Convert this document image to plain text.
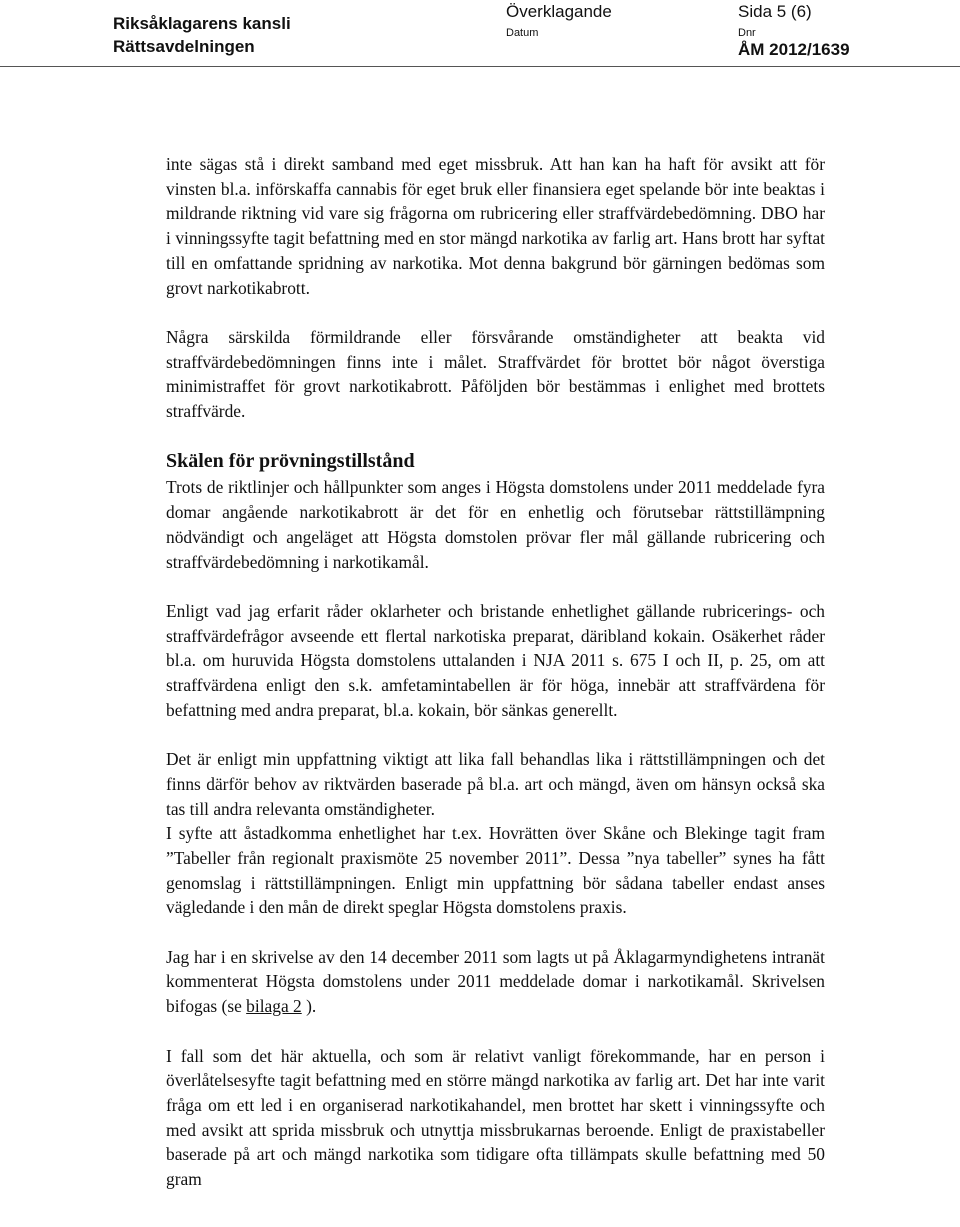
Riksåklagarens kansli
Rättsavdelningen
Överklagande	Sida 5 (6)
Datum	Dnr
ÅM 2012/1639

inte sägas stå i direkt samband med eget missbruk. Att han kan ha haft för avsikt att för vinsten bl.a. införskaffa cannabis för eget bruk eller finansiera eget spelande bör inte beaktas i mildrande riktning vid vare sig frågorna om rubricering eller straffvärdebedömning. DBO har i vinningssyfte tagit befattning med en stor mängd narkotika av farlig art. Hans brott har syftat till en omfattande spridning av narkotika. Mot denna bakgrund bör gärningen bedömas som grovt narkotikabrott.

Några särskilda förmildrande eller försvårande omständigheter att beakta vid straffvärdebedömningen finns inte i målet. Straffvärdet för brottet bör något överstiga minimistraffet för grovt narkotikabrott. Påföljden bör bestämmas i enlighet med brottets straffvärde.

Skälen för prövningstillstånd

Trots de riktlinjer och hållpunkter som anges i Högsta domstolens under 2011 meddelade fyra domar angående narkotikabrott är det för en enhetlig och förutsebar rättstillämpning nödvändigt och angeläget att Högsta domstolen prövar fler mål gällande rubricering och straffvärdebedömning i narkotikamål.

Enligt vad jag erfarit råder oklarheter och bristande enhetlighet gällande rubricerings- och straffvärdefrågor avseende ett flertal narkotiska preparat, däribland kokain. Osäkerhet råder bl.a. om huruvida Högsta domstolens uttalanden i NJA 2011 s. 675 I och II, p. 25, om att straffvärdena enligt den s.k. amfetamintabellen är för höga, innebär att straffvärdena för befattning med andra preparat, bl.a. kokain, bör sänkas generellt.

Det är enligt min uppfattning viktigt att lika fall behandlas lika i rättstillämpningen och det finns därför behov av riktvärden baserade på bl.a. art och mängd, även om hänsyn också ska tas till andra relevanta omständigheter.

I syfte att åstadkomma enhetlighet har t.ex. Hovrätten över Skåne och Blekinge tagit fram ”Tabeller från regionalt praxismöte 25 november 2011”. Dessa ”nya tabeller” synes ha fått genomslag i rättstillämpningen. Enligt min uppfattning bör sådana tabeller endast anses vägledande i den mån de direkt speglar Högsta domstolens praxis.

Jag har i en skrivelse av den 14 december 2011 som lagts ut på Åklagarmyndighetens intranät kommenterat Högsta domstolens under 2011 meddelade domar i narkotikamål. Skrivelsen bifogas (se bilaga 2 ).

I fall som det här aktuella, och som är relativt vanligt förekommande, har en person i överlåtelsesyfte tagit befattning med en större mängd narkotika av farlig art. Det har inte varit fråga om ett led i en organiserad narkotikahandel, men brottet har skett i vinningssyfte och med avsikt att sprida missbruk och utnyttja missbrukarnas beroende. Enligt de praxistabeller baserade på art och mängd narkotika som tidigare ofta tillämpats skulle befattning med 50 gram
